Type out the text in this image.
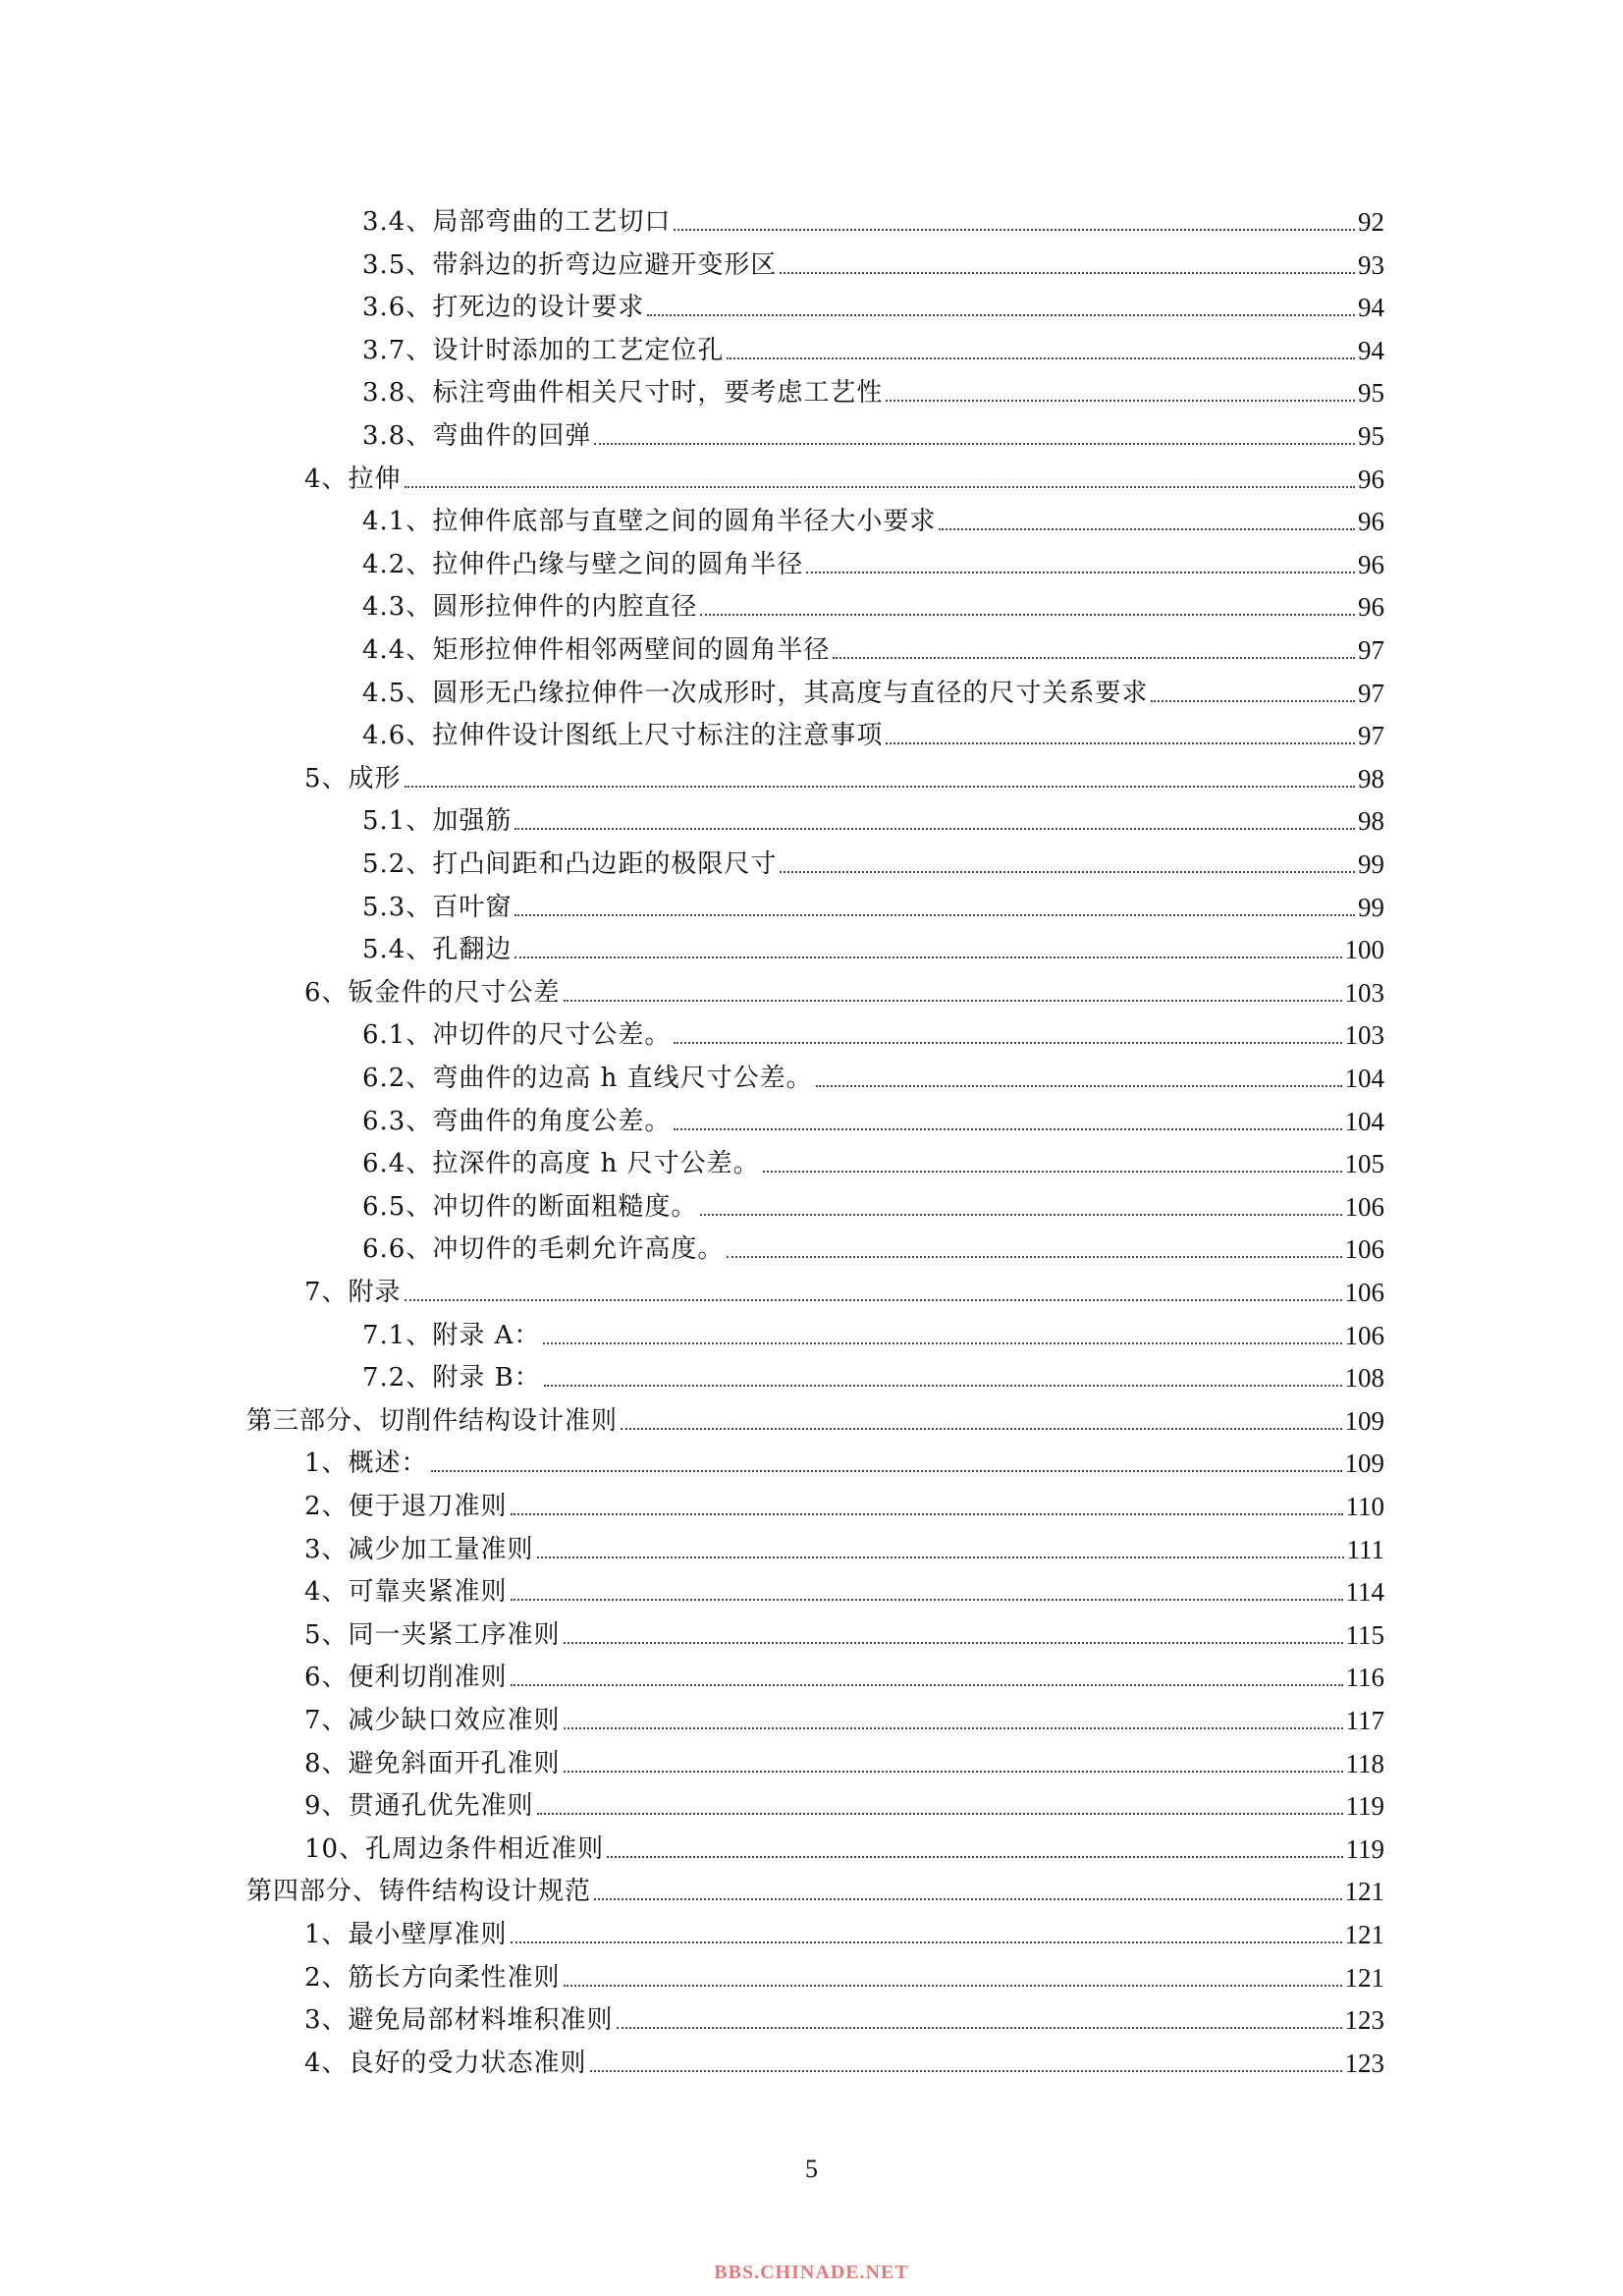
3.4、局部弯曲的工艺切口	92
3.5、带斜边的折弯边应避开变形区	93
3.6、打死边的设计要求	94
3.7、设计时添加的工艺定位孔	94
3.8、标注弯曲件相关尺寸时，要考虑工艺性	95
3.8、弯曲件的回弹	95
4、拉伸	96
4.1、拉伸件底部与直壁之间的圆角半径大小要求	96
4.2、拉伸件凸缘与壁之间的圆角半径	96
4.3、圆形拉伸件的内腔直径	96
4.4、矩形拉伸件相邻两壁间的圆角半径	97
4.5、圆形无凸缘拉伸件一次成形时，其高度与直径的尺寸关系要求	97
4.6、拉伸件设计图纸上尺寸标注的注意事项	97
5、成形	98
5.1、加强筋	98
5.2、打凸间距和凸边距的极限尺寸	99
5.3、百叶窗	99
5.4、孔翻边	100
6、钣金件的尺寸公差	103
6.1、冲切件的尺寸公差。	103
6.2、弯曲件的边高 h 直线尺寸公差。	104
6.3、弯曲件的角度公差。	104
6.4、拉深件的高度 h 尺寸公差。	105
6.5、冲切件的断面粗糙度。	106
6.6、冲切件的毛刺允许高度。	106
7、附录	106
7.1、附录 A：	106
7.2、附录 B：	108
第三部分、切削件结构设计准则	109
1、概述：	109
2、便于退刀准则	110
3、减少加工量准则	111
4、可靠夹紧准则	114
5、同一夹紧工序准则	115
6、便利切削准则	116
7、减少缺口效应准则	117
8、避免斜面开孔准则	118
9、贯通孔优先准则	119
10、孔周边条件相近准则	119
第四部分、铸件结构设计规范	121
1、最小壁厚准则	121
2、筋长方向柔性准则	121
3、避免局部材料堆积准则	123
4、良好的受力状态准则	123
5
BBS.CHINADE.NET
